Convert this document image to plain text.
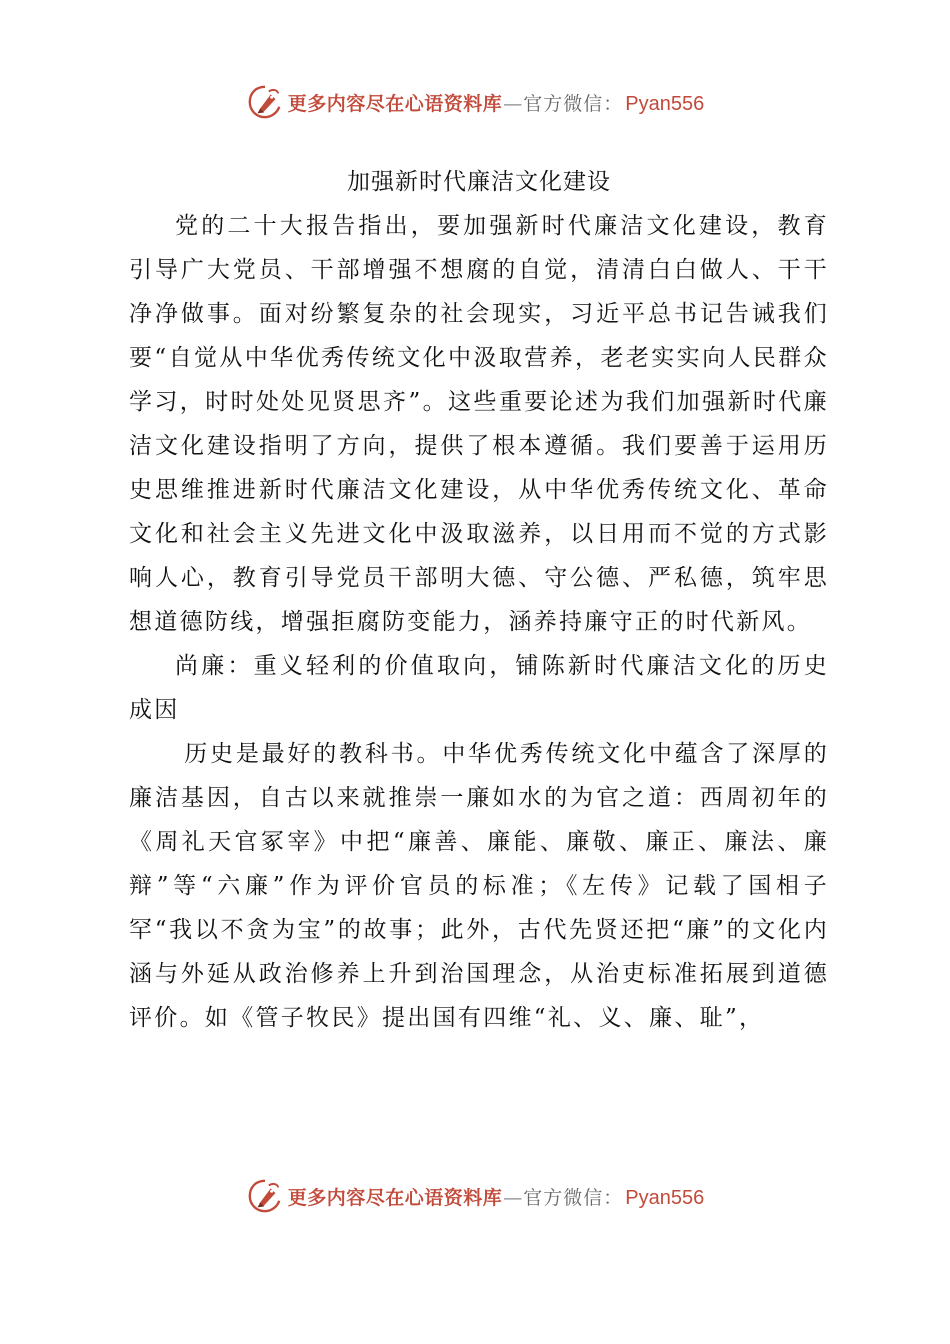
更多内容尽在心语资料库 — 官方微信： Pyan556
加强新时代廉洁文化建设

党的二十大报告指出，要加强新时代廉洁文化建设，教育引导广大党员、干部增强不想腐的自觉，清清白白做人、干干净净做事。面对纷繁复杂的社会现实，习近平总书记告诫我们要“自觉从中华优秀传统文化中汲取营养，老老实实向人民群众学习，时时处处见贤思齐”。这些重要论述为我们加强新时代廉洁文化建设指明了方向，提供了根本遵循。我们要善于运用历史思维推进新时代廉洁文化建设，从中华优秀传统文化、革命文化和社会主义先进文化中汲取滋养，以日用而不觉的方式影响人心，教育引导党员干部明大德、守公德、严私德，筑牢思想道德防线，增强拒腐防变能力，涵养持廉守正的时代新风。

尚廉：重义轻利的价值取向，铺陈新时代廉洁文化的历史成因

历史是最好的教科书。中华优秀传统文化中蕴含了深厚的廉洁基因，自古以来就推崇一廉如水的为官之道：西周初年的《周礼天官冢宰》中把“廉善、廉能、廉敬、廉正、廉法、廉辩”等“六廉”作为评价官员的标准；《左传》记载了国相子罕“我以不贪为宝”的故事；此外，古代先贤还把“廉”的文化内涵与外延从政治修养上升到治国理念，从治吏标准拓展到道德评价。如《管子牧民》提出国有四维“礼、义、廉、耻”，

更多内容尽在心语资料库 — 官方微信： Pyan556
